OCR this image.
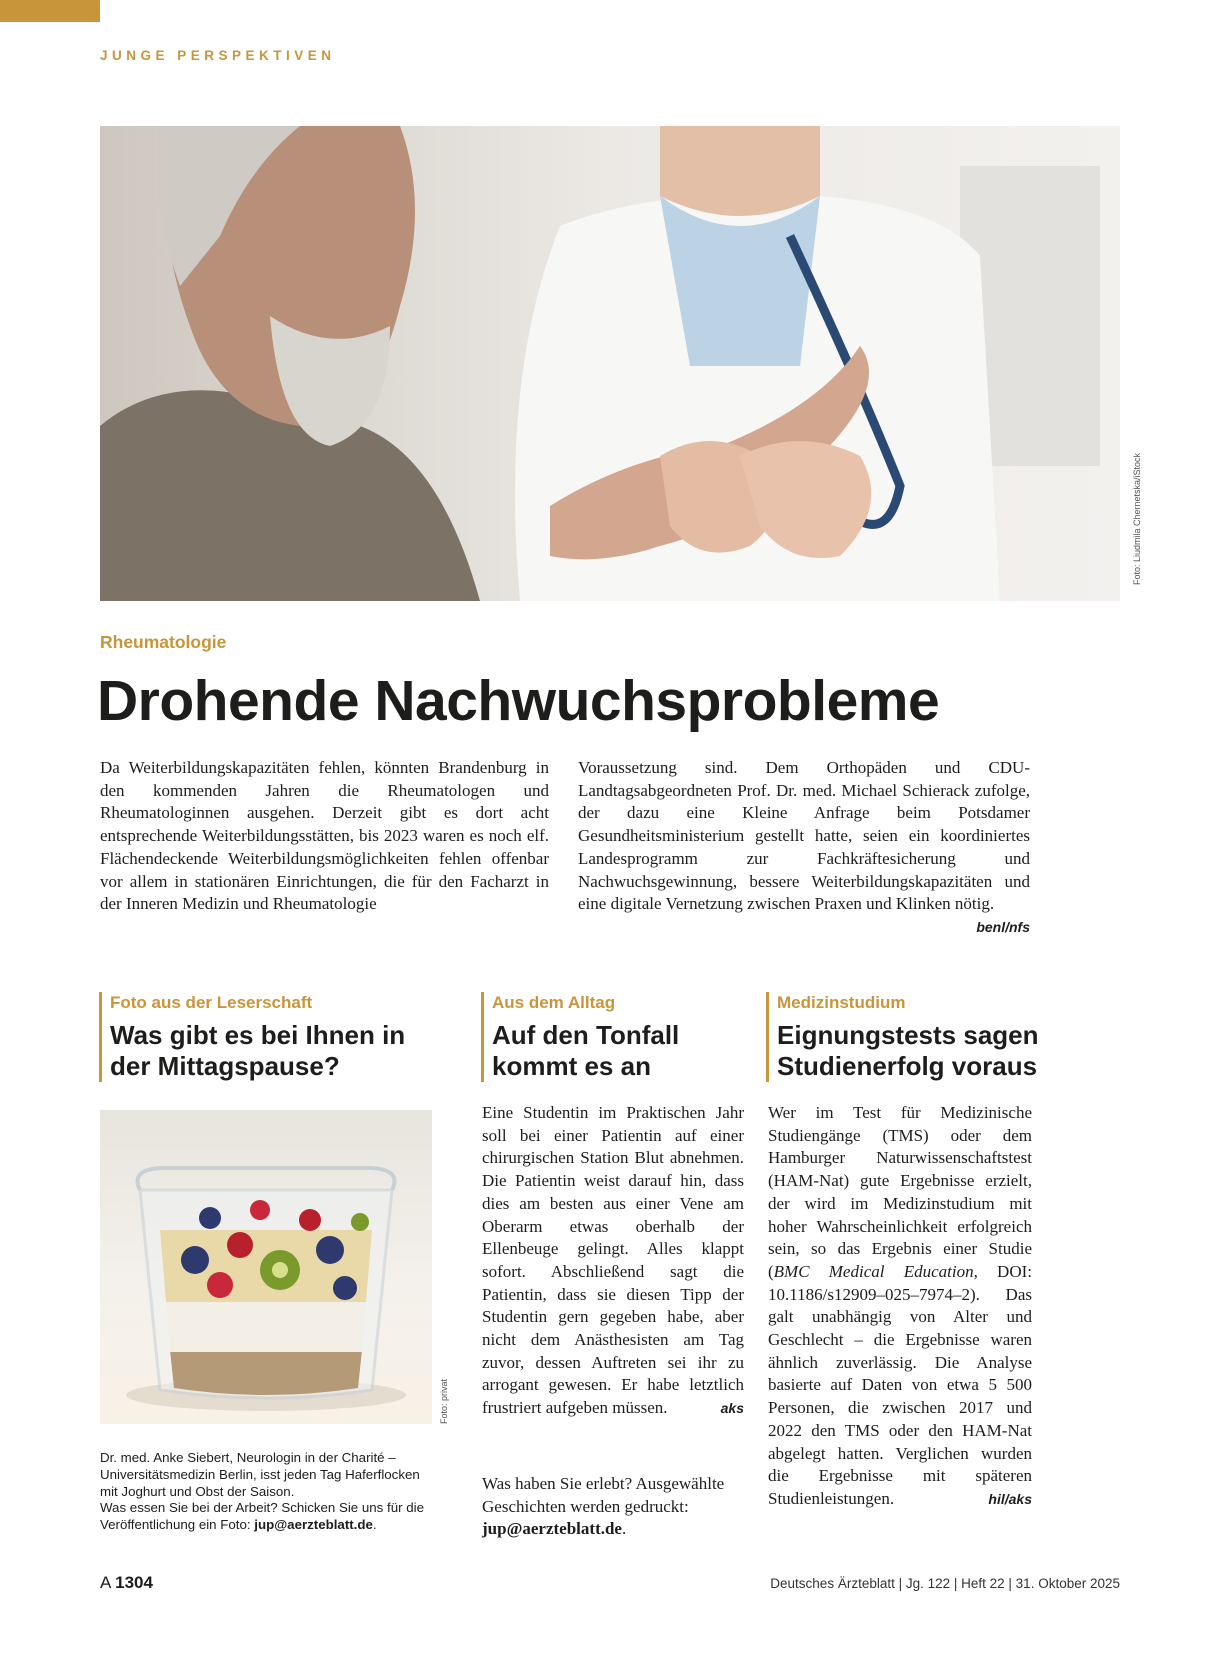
JUNGE PERSPEKTIVEN
Foto: Liudmila Chernetska/iStock
Rheumatologie
Drohende Nachwuchsprobleme

Da Weiterbildungskapazitäten fehlen, könnten Brandenburg in den kommenden Jahren die Rheumatologen und Rheumatologinnen ausgehen. Derzeit gibt es dort acht entsprechende Weiterbildungsstätten, bis 2023 waren es noch elf. Flächendeckende Weiterbildungsmöglichkeiten fehlen offenbar vor allem in stationären Einrichtungen, die für den Facharzt in der Inneren Medizin und Rheumatologie

Voraussetzung sind. Dem Orthopäden und CDU-Landtagsabgeordneten Prof. Dr. med. Michael Schierack zufolge, der dazu eine Kleine Anfrage beim Potsdamer Gesundheitsministerium gestellt hatte, seien ein koordiniertes Landesprogramm zur Fachkräftesicherung und Nachwuchsgewinnung, bessere Weiterbildungskapazitäten und eine digitale Vernetzung zwischen Praxen und Klinken nötig.
benl/nfs

Foto aus der Leserschaft
Was gibt es bei Ihnen in der Mittagspause?
Aus dem Alltag
Auf den Tonfall kommt es an
Medizinstudium
Eignungstests sagen Studienerfolg voraus
Foto: privat

Dr. med. Anke Siebert, Neurologin in der Charité – Universitätsmedizin Berlin, isst jeden Tag Haferflocken mit Joghurt und Obst der Saison.
Was essen Sie bei der Arbeit? Schicken Sie uns für die Veröffentlichung ein Foto: jup@aerzteblatt.de.

Eine Studentin im Praktischen Jahr soll bei einer Patientin auf einer chirurgischen Station Blut abnehmen. Die Patientin weist darauf hin, dass dies am besten aus einer Vene am Oberarm etwas oberhalb der Ellenbeuge gelingt. Alles klappt sofort. Abschließend sagt die Patientin, dass sie diesen Tipp der Studentin gern gegeben habe, aber nicht dem Anästhesisten am Tag zuvor, dessen Auftreten sei ihr zu arrogant gewesen. Er habe letztlich frustriert aufgeben müssen.	aks

Was haben Sie erlebt? Ausgewählte Geschichten werden gedruckt: jup@aerzteblatt.de.

Wer im Test für Medizinische Studiengänge (TMS) oder dem Hamburger Naturwissenschaftstest (HAM-Nat) gute Ergebnisse erzielt, der wird im Medizinstudium mit hoher Wahrscheinlichkeit erfolgreich sein, so das Ergebnis einer Studie (BMC Medical Education, DOI: 10.1186/s12909–025–7974–2). Das galt unabhängig von Alter und Geschlecht – die Ergebnisse waren ähnlich zuverlässig. Die Analyse basierte auf Daten von etwa 5 500 Personen, die zwischen 2017 und 2022 den TMS oder den HAM-Nat abgelegt hatten. Verglichen wurden die Ergebnisse mit späteren Studienleistungen.	hil/aks

A 1304	Deutsches Ärzteblatt | Jg. 122 | Heft 22 | 31. Oktober 2025
